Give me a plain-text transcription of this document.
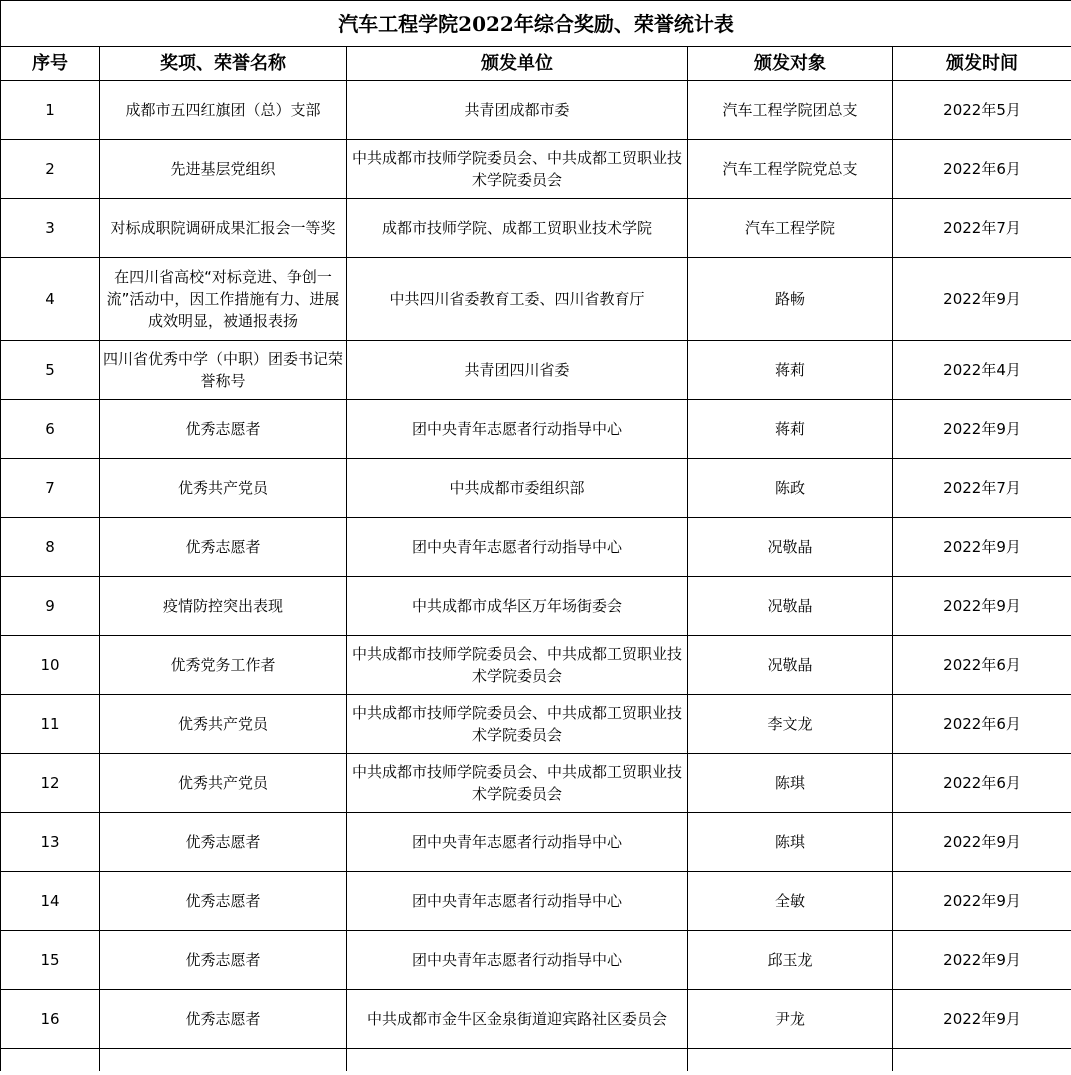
汽车工程学院2022年综合奖励、荣誉统计表				
序号	奖项、荣誉名称	颁发单位	颁发对象	颁发时间
1	成都市五四红旗团（总）支部	共青团成都市委	汽车工程学院团总支	2022年5月
2	先进基层党组织	中共成都市技师学院委员会、中共成都工贸职业技术学院委员会	汽车工程学院党总支	2022年6月
3	对标成职院调研成果汇报会一等奖	成都市技师学院、成都工贸职业技术学院	汽车工程学院	2022年7月
4	在四川省高校“对标竞进、争创一流”活动中，因工作措施有力、进展成效明显，被通报表扬	中共四川省委教育工委、四川省教育厅	路畅	2022年9月
5	四川省优秀中学（中职）团委书记荣誉称号	共青团四川省委	蒋莉	2022年4月
6	优秀志愿者	团中央青年志愿者行动指导中心	蒋莉	2022年9月
7	优秀共产党员	中共成都市委组织部	陈政	2022年7月
8	优秀志愿者	团中央青年志愿者行动指导中心	况敬晶	2022年9月
9	疫情防控突出表现	中共成都市成华区万年场街委会	况敬晶	2022年9月
10	优秀党务工作者	中共成都市技师学院委员会、中共成都工贸职业技术学院委员会	况敬晶	2022年6月
11	优秀共产党员	中共成都市技师学院委员会、中共成都工贸职业技术学院委员会	李文龙	2022年6月
12	优秀共产党员	中共成都市技师学院委员会、中共成都工贸职业技术学院委员会	陈琪	2022年6月
13	优秀志愿者	团中央青年志愿者行动指导中心	陈琪	2022年9月
14	优秀志愿者	团中央青年志愿者行动指导中心	全敏	2022年9月
15	优秀志愿者	团中央青年志愿者行动指导中心	邱玉龙	2022年9月
16	优秀志愿者	中共成都市金牛区金泉街道迎宾路社区委员会	尹龙	2022年9月
